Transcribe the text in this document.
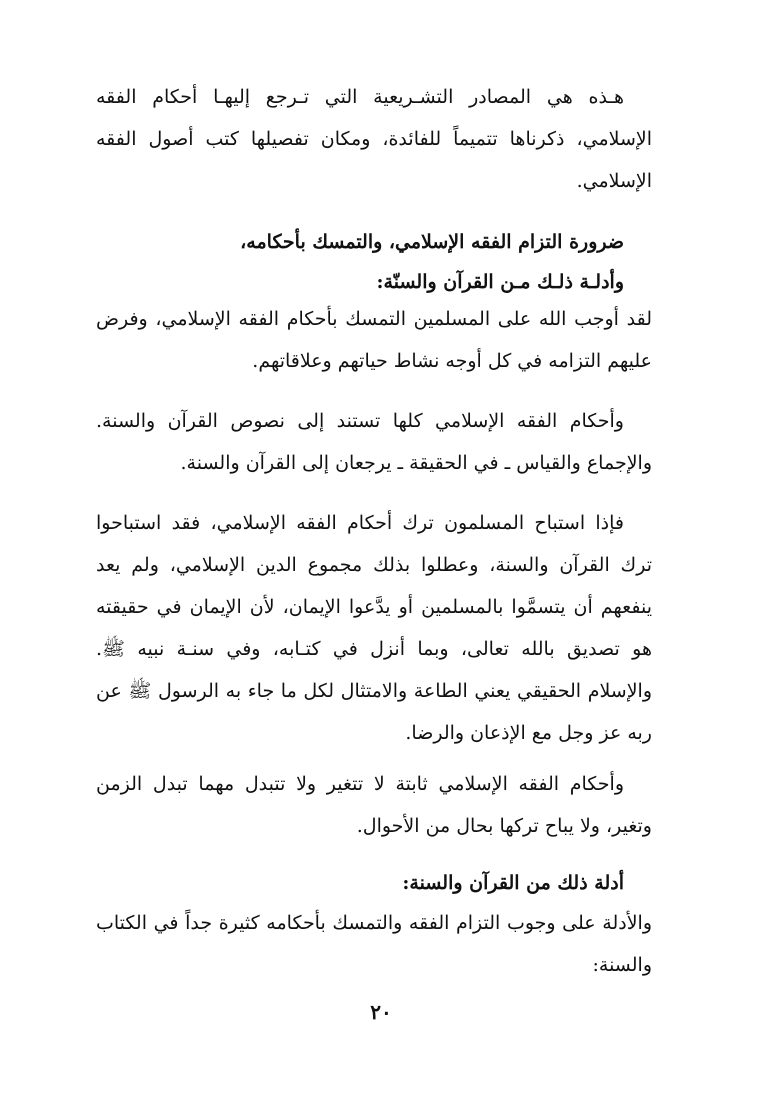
هـذه هي المصادر التشـريعية التي تـرجع إليهـا أحكام الفقه الإسلامي، ذكرناها تتميماً للفائدة، ومكان تفصيلها كتب أصول الفقه الإسلامي.

ضرورة التزام الفقه الإسلامي، والتمسك بأحكامه،
وأدلـة ذلـك مـن القرآن والسنّة:

لقد أوجب الله على المسلمين التمسك بأحكام الفقه الإسلامي، وفرض عليهم التزامه في كل أوجه نشاط حياتهم وعلاقاتهم.

وأحكام الفقه الإسلامي كلها تستند إلى نصوص القرآن والسنة. والإجماع والقياس ـ في الحقيقة ـ يرجعان إلى القرآن والسنة.

فإذا استباح المسلمون ترك أحكام الفقه الإسلامي، فقد استباحوا ترك القرآن والسنة، وعطلوا بذلك مجموع الدين الإسلامي، ولم يعد ينفعهم أن يتسمَّوا بالمسلمين أو يدَّعوا الإيمان، لأن الإيمان في حقيقته هو تصديق بالله تعالى، وبما أنزل في كتـابه، وفي سنـة نبيه ﷺ. والإسلام الحقيقي يعني الطاعة والامتثال لكل ما جاء به الرسول ﷺ عن ربه عز وجل مع الإذعان والرضا.

وأحكام الفقه الإسلامي ثابتة لا تتغير ولا تتبدل مهما تبدل الزمن وتغير، ولا يباح تركها بحال من الأحوال.

أدلة ذلك من القرآن والسنة:

والأدلة على وجوب التزام الفقه والتمسك بأحكامه كثيرة جداً في الكتاب والسنة:

٢٠
